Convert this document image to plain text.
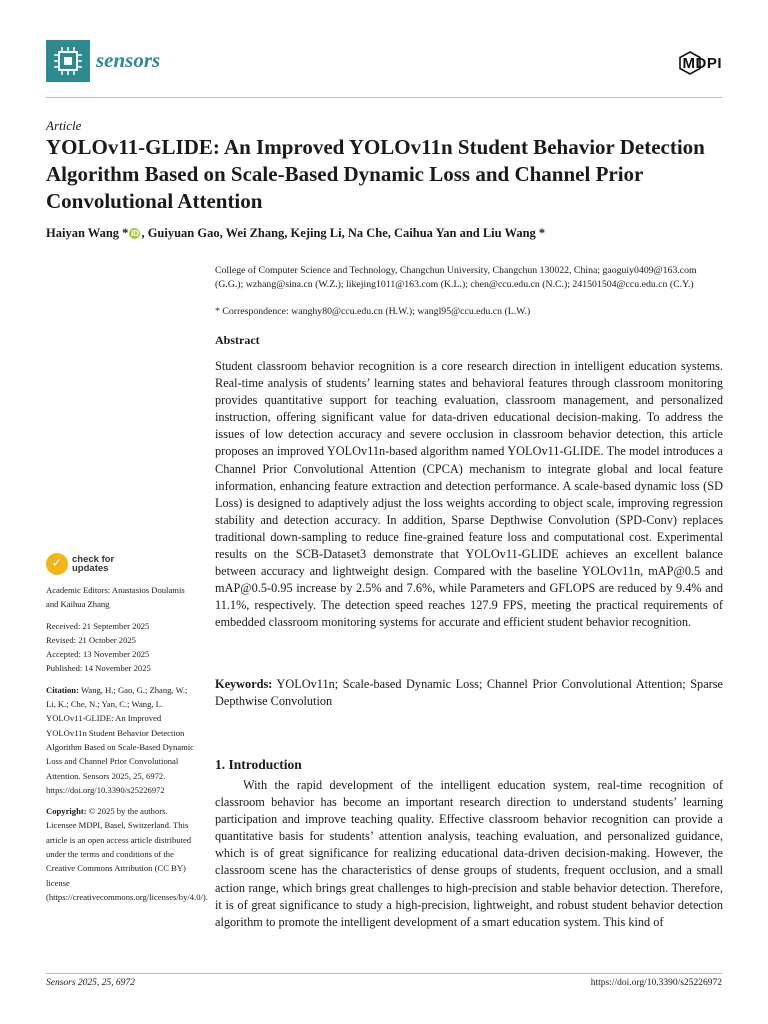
sensors	MDPI
Article
YOLOv11-GLIDE: An Improved YOLOv11n Student Behavior Detection Algorithm Based on Scale-Based Dynamic Loss and Channel Prior Convolutional Attention
Haiyan Wang * iD , Guiyuan Gao, Wei Zhang, Kejing Li, Na Che, Caihua Yan and Liu Wang *
College of Computer Science and Technology, Changchun University, Changchun 130022, China; gaoguiy0409@163.com (G.G.); wzhang@sina.cn (W.Z.); likejing1011@163.com (K.L.); chen@ccu.edu.cn (N.C.); 241501504@ccu.edu.cn (C.Y.)
* Correspondence: wanghy80@ccu.edu.cn (H.W.); wangl95@ccu.edu.cn (L.W.)
Abstract
Student classroom behavior recognition is a core research direction in intelligent education systems. Real-time analysis of students’ learning states and behavioral features through classroom monitoring provides quantitative support for teaching evaluation, classroom management, and personalized instruction, offering significant value for data-driven educational decision-making. To address the issues of low detection accuracy and severe occlusion in classroom behavior detection, this article proposes an improved YOLOv11n-based algorithm named YOLOv11-GLIDE. The model introduces a Channel Prior Convolutional Attention (CPCA) mechanism to integrate global and local feature information, enhancing feature extraction and detection performance. A scale-based dynamic loss (SD Loss) is designed to adaptively adjust the loss weights according to object scale, improving regression stability and detection accuracy. In addition, Sparse Depthwise Convolution (SPD-Conv) replaces traditional down-sampling to reduce fine-grained feature loss and computational cost. Experimental results on the SCB-Dataset3 demonstrate that YOLOv11-GLIDE achieves an excellent balance between accuracy and lightweight design. Compared with the baseline YOLOv11n, mAP@0.5 and mAP@0.5-0.95 increase by 2.5% and 7.6%, while Parameters and GFLOPS are reduced by 9.4% and 11.1%, respectively. The detection speed reaches 127.9 FPS, meeting the practical requirements of embedded classroom monitoring systems for accurate and efficient student behavior recognition.
Keywords: YOLOv11n; Scale-based Dynamic Loss; Channel Prior Convolutional Attention; Sparse Depthwise Convolution
1. Introduction
With the rapid development of the intelligent education system, real-time recognition of classroom behavior has become an important research direction to understand students’ learning participation and improve teaching quality. Effective classroom behavior recognition can provide a quantitative basis for students’ attention analysis, teaching evaluation, and personalized guidance, which is of great significance for realizing educational data-driven decision-making. However, the classroom scene has the characteristics of dense groups of students, frequent occlusion, and a small action range, which brings great challenges to high-precision and stable behavior detection. Therefore, it is of great significance to study a high-precision, lightweight, and robust student behavior detection algorithm to promote the intelligent development of a smart education system. This kind of
✓	check for
updates

Academic Editors: Anastasios Doulamis and Kaihua Zhang

Received: 21 September 2025

Revised: 21 October 2025

Accepted: 13 November 2025

Published: 14 November 2025

Citation: Wang, H.; Gao, G.; Zhang, W.; Li, K.; Che, N.; Yan, C.; Wang, L. YOLOv11-GLIDE: An Improved YOLOv11n Student Behavior Detection Algorithm Based on Scale-Based Dynamic Loss and Channel Prior Convolutional Attention. Sensors 2025, 25, 6972. https://doi.org/10.3390/s25226972

Copyright: © 2025 by the authors. Licensee MDPI, Basel, Switzerland. This article is an open access article distributed under the terms and conditions of the Creative Commons Attribution (CC BY) license (https://creativecommons.org/licenses/by/4.0/).

Sensors 2025, 25, 6972	https://doi.org/10.3390/s25226972
